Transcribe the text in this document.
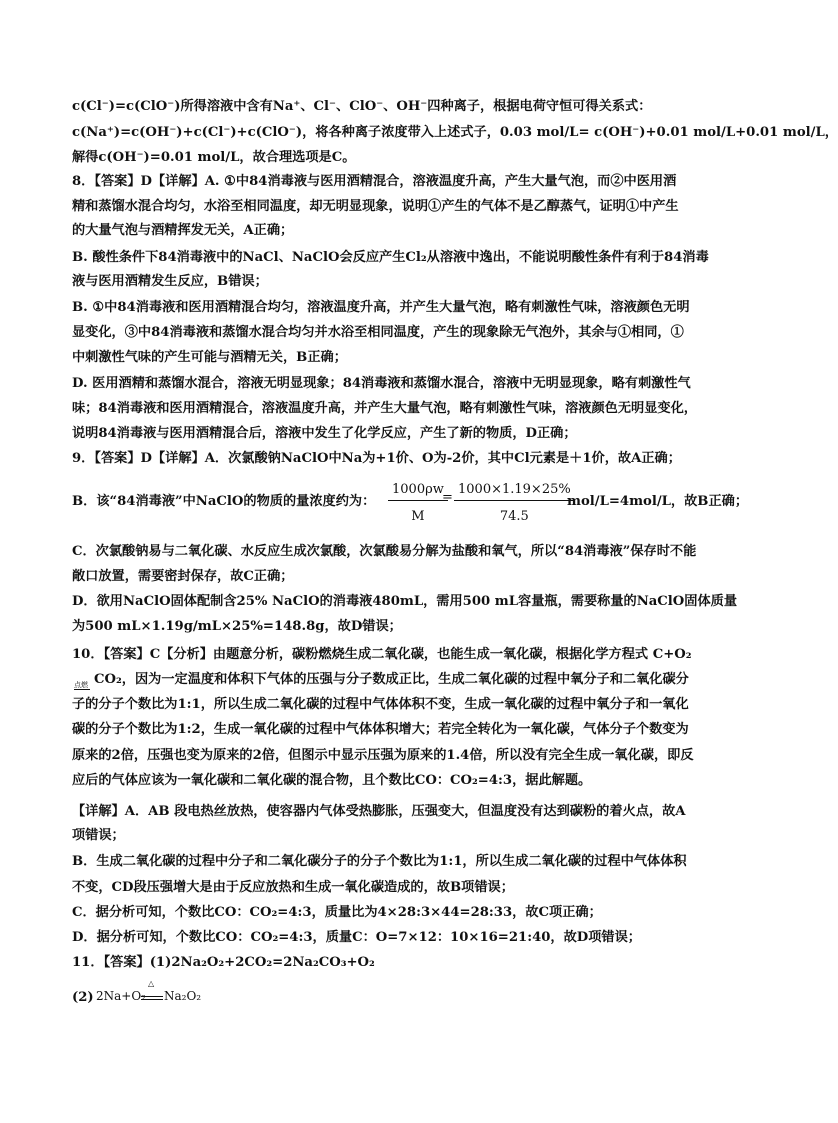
c(Cl⁻)=c(ClO⁻)所得溶液中含有Na⁺、Cl⁻、ClO⁻、OH⁻四种离子，根据电荷守恒可得关系式：
c(Na⁺)=c(OH⁻)+c(Cl⁻)+c(ClO⁻)，将各种离子浓度带入上述式子，0.03 mol/L= c(OH⁻)+0.01 mol/L+0.01 mol/L，
解得c(OH⁻)=0.01 mol/L，故合理选项是C。
8．【答案】D【详解】A. ①中84消毒液与医用酒精混合，溶液温度升高，产生大量气泡，而②中医用酒
精和蒸馏水混合均匀，水浴至相同温度，却无明显现象，说明①产生的气体不是乙醇蒸气，证明①中产生
的大量气泡与酒精挥发无关，A正确；
B. 酸性条件下84消毒液中的NaCl、NaClO会反应产生Cl₂从溶液中逸出，不能说明酸性条件有利于84消毒
液与医用酒精发生反应，B错误；
B. ①中84消毒液和医用酒精混合均匀，溶液温度升高，并产生大量气泡，略有刺激性气味，溶液颜色无明
显变化，③中84消毒液和蒸馏水混合均匀并水浴至相同温度，产生的现象除无气泡外，其余与①相同，①
中刺激性气味的产生可能与酒精无关，B正确；
D. 医用酒精和蒸馏水混合，溶液无明显现象；84消毒液和蒸馏水混合，溶液中无明显现象，略有刺激性气
味；84消毒液和医用酒精混合，溶液温度升高，并产生大量气泡，略有刺激性气味，溶液颜色无明显变化，
说明84消毒液与医用酒精混合后，溶液中发生了化学反应，产生了新的物质，D正确；
9．【答案】D【详解】A．次氯酸钠NaClO中Na为+1价、O为-2价，其中Cl元素是＋1价，故A正确；
B．该“84消毒液”中NaClO的物质的量浓度约为： $\frac{1000\rho w}{M}$
= $\frac{1000\times 1.19\times 25\%}{74.5}$
mol/L=4mol/L，故B正确；
C．次氯酸钠易与二氧化碳、水反应生成次氯酸，次氯酸易分解为盐酸和氧气，所以“84消毒液”保存时不能
敞口放置，需要密封保存，故C正确；
D．欲用NaClO固体配制含25% NaClO的消毒液480mL，需用500 mL容量瓶，需要称量的NaClO固体质量
为500 mL×1.19g/mL×25%=148.8g，故D错误；
10．【答案】C【分析】由题意分析，碳粉燃烧生成二氧化碳，也能生成一氧化碳，根据化学方程式 C+O₂
点燃 CO₂，因为一定温度和体积下气体的压强与分子数成正比，生成二氧化碳的过程中氧分子和二氧化碳分
子的分子个数比为1:1，所以生成二氧化碳的过程中气体体积不变，生成一氧化碳的过程中氧分子和一氧化
碳的分子个数比为1:2，生成一氧化碳的过程中气体体积增大；若完全转化为一氧化碳，气体分子个数变为
原来的2倍，压强也变为原来的2倍，但图示中显示压强为原来的1.4倍，所以没有完全生成一氧化碳，即反
应后的气体应该为一氧化碳和二氧化碳的混合物，且个数比CO：CO₂=4:3，据此解题。
【详解】A．AB 段电热丝放热，使容器内气体受热膨胀，压强变大，但温度没有达到碳粉的着火点，故A
项错误；
B．生成二氧化碳的过程中分子和二氧化碳分子的分子个数比为1:1，所以生成二氧化碳的过程中气体体积
不变，CD段压强增大是由于反应放热和生成一氧化碳造成的，故B项错误；
C．据分析可知，个数比CO：CO₂=4:3，质量比为4×28:3×44=28:33，故C项正确；
D．据分析可知，个数比CO：CO₂=4:3，质量C：O=7×12：10×16=21:40，故D项错误；
11．【答案】(1)2Na₂O₂+2CO₂=2Na₂CO₃+O₂
(2) 2Na+O₂
△
Na₂O₂
